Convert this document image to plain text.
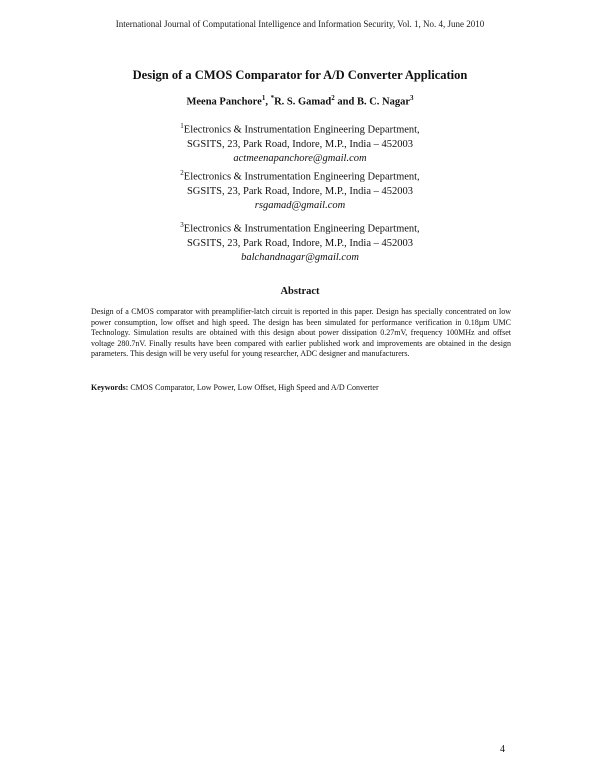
International Journal of Computational Intelligence and Information Security, Vol. 1, No. 4, June 2010
Design of a CMOS Comparator for A/D Converter Application
Meena Panchore$^1$, *R. S. Gamad$^2$ and B. C. Nagar$^3$
$^1$Electronics & Instrumentation Engineering Department,
SGSITS, 23, Park Road, Indore, M.P., India – 452003
actmeenapanchore@gmail.com
$^2$Electronics & Instrumentation Engineering Department,
SGSITS, 23, Park Road, Indore, M.P., India – 452003
rsgamad@gmail.com
$^3$Electronics & Instrumentation Engineering Department,
SGSITS, 23, Park Road, Indore, M.P., India – 452003
balchandnagar@gmail.com
Abstract
Design of a CMOS comparator with preamplifier-latch circuit is reported in this paper. Design has specially concentrated on low power consumption, low offset and high speed. The design has been simulated for performance verification in 0.18µm UMC Technology. Simulation results are obtained with this design about power dissipation 0.27mV, frequency 100MHz and offset voltage 280.7nV. Finally results have been compared with earlier published work and improvements are obtained in the design parameters. This design will be very useful for young researcher, ADC designer and manufacturers.
Keywords: CMOS Comparator, Low Power, Low Offset, High Speed and A/D Converter
4
